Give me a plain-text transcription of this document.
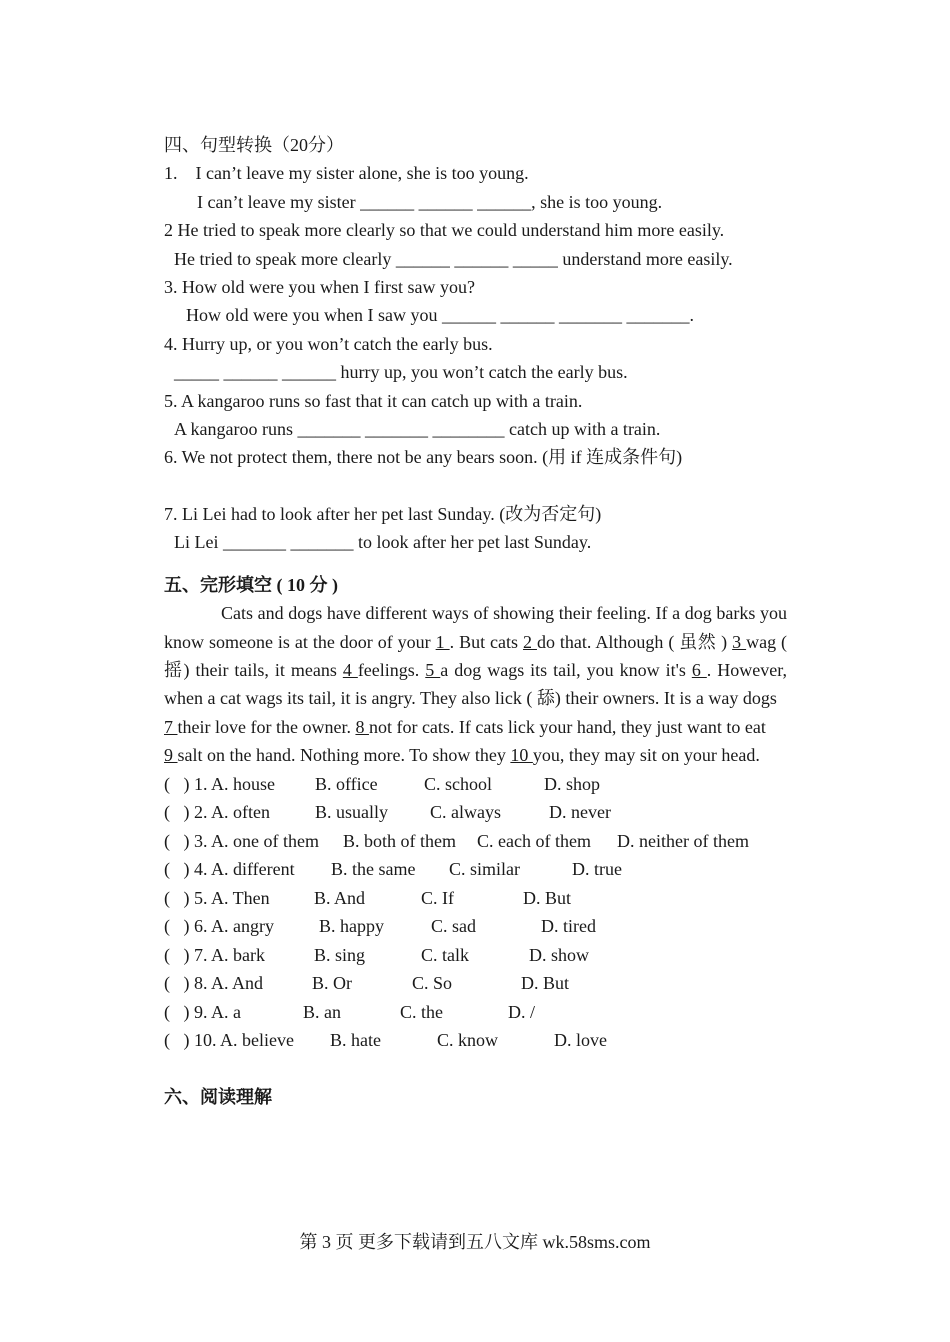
四、句型转换（20分）
1.    I can’t leave my sister alone, she is too young.
I can’t leave my sister ______ ______ ______, she is too young.
2 He tried to speak more clearly so that we could understand him more easily.
He tried to speak more clearly ______ ______ _____ understand more easily.
3. How old were you when I first saw you?
How old were you when I saw you ______ ______ _______ _______.
4. Hurry up, or you won’t catch the early bus.
_____ ______ ______ hurry up, you won’t catch the early bus.
5. A kangaroo runs so fast that it can catch up with a train.
A kangaroo runs _______ _______ ________ catch up with a train.
6. We not protect them, there not be any bears soon. (用 if 连成条件句)
7. Li Lei had to look after her pet last Sunday. (改为否定句)
Li Lei _______ _______ to look after her pet last Sunday.
五、完形填空 ( 10 分 )
Cats and dogs have different ways of showing their feeling. If a dog barks you know someone is at the door of your 1 . But cats 2 do that. Although ( 虽然 ) 3 wag ( 摇) their tails, it means 4 feelings. 5 a dog wags its tail, you know it's 6 . However, when a cat wags its tail, it is angry. They also lick ( 舔) their owners. It is a way dogs
7 their love for the owner. 8 not for cats. If cats lick your hand, they just want to eat
9 salt on the hand. Nothing more. To show they 10 you, they may sit on your head.
(   ) 1. A. house	B. office	C. school	D. shop
(   ) 2. A. often	B. usually	C. always	D. never
(   ) 3. A. one of them	B. both of them	C. each of them	D. neither of them
(   ) 4. A. different	B. the same	C. similar	D. true
(   ) 5. A. Then	B. And	C. If	D. But
(   ) 6. A. angry	B. happy	C. sad	D. tired
(   ) 7. A. bark	B. sing	C. talk	D. show
(   ) 8. A. And	B. Or	C. So	D. But
(   ) 9. A. a	B. an	C. the	D. /
(   ) 10. A. believe	B. hate	C. know	D. love
六、阅读理解
第 3 页 更多下载请到五八文库 wk.58sms.com
